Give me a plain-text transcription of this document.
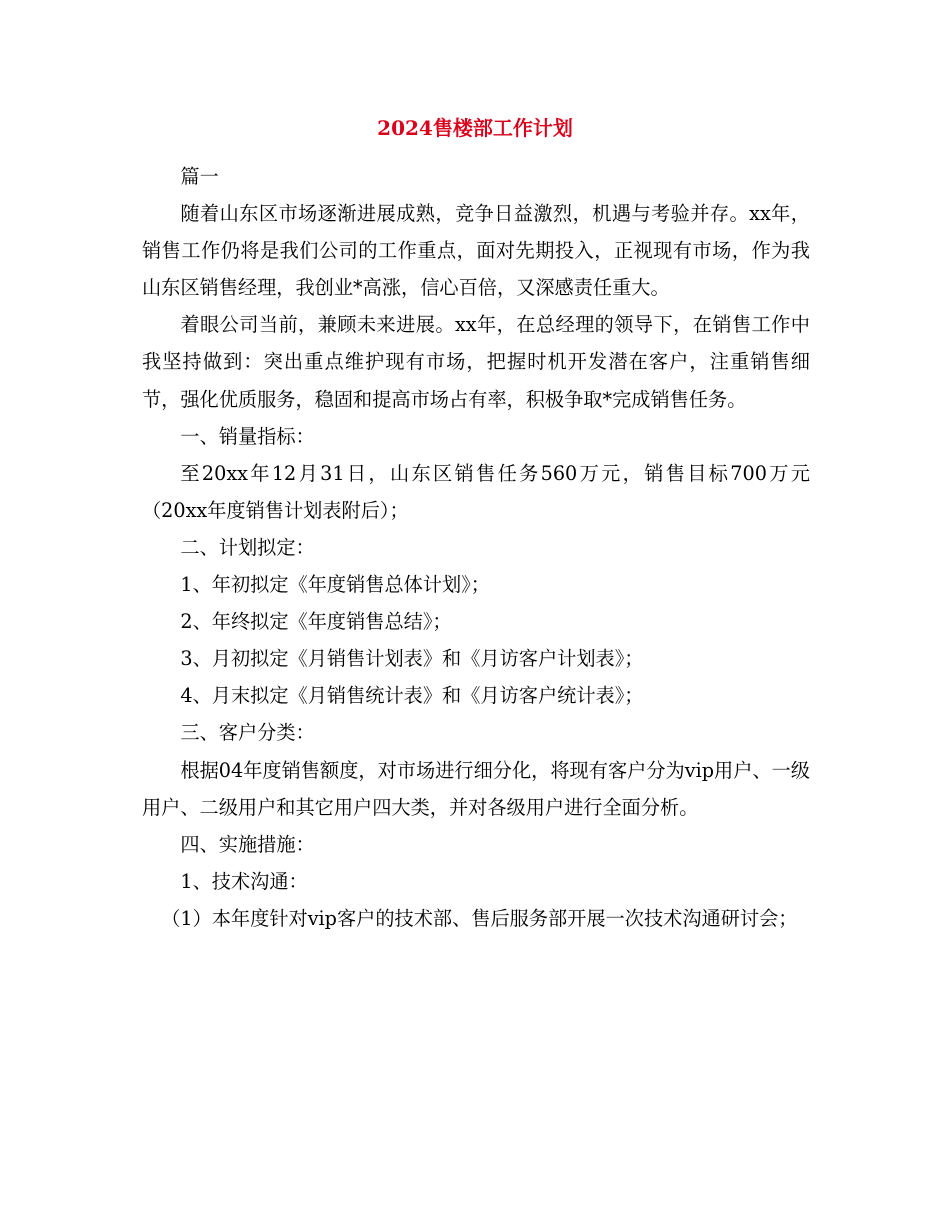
2024售楼部工作计划

篇一

随着山东区市场逐渐进展成熟，竞争日益激烈，机遇与考验并存。xx年，销售工作仍将是我们公司的工作重点，面对先期投入，正视现有市场，作为我山东区销售经理，我创业*高涨，信心百倍，又深感责任重大。

着眼公司当前，兼顾未来进展。xx年，在总经理的领导下，在销售工作中我坚持做到：突出重点维护现有市场，把握时机开发潜在客户，注重销售细节，强化优质服务，稳固和提高市场占有率，积极争取*完成销售任务。

一、销量指标：

至20xx年12月31日，山东区销售任务560万元，销售目标700万元（20xx年度销售计划表附后）；

二、计划拟定：

1、年初拟定《年度销售总体计划》；

2、年终拟定《年度销售总结》；

3、月初拟定《月销售计划表》和《月访客户计划表》；

4、月末拟定《月销售统计表》和《月访客户统计表》；

三、客户分类：

根据04年度销售额度，对市场进行细分化，将现有客户分为vip用户、一级用户、二级用户和其它用户四大类，并对各级用户进行全面分析。

四、实施措施：

1、技术沟通：

（1）本年度针对vip客户的技术部、售后服务部开展一次技术沟通研讨会；
